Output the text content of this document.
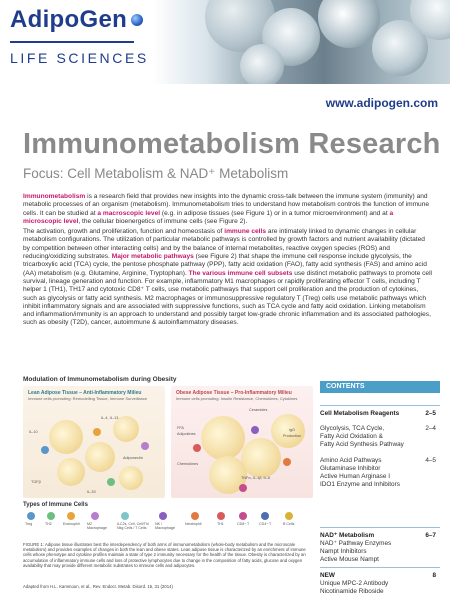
AdipoGen
LIFE SCIENCES
www.adipogen.com
Immunometabolism Research
Focus: Cell Metabolism & NAD⁺ Metabolism

Immunometabolism is a research field that provides new insights into the dynamic cross-talk between the immune system (immunity) and metabolic processes of an organism (metabolism). Immunometabolism tries to understand how metabolism controls the function of immune cells. It can be studied at a macroscopic level (e.g. in adipose tissues (see Figure 1) or in a tumor microenvironment) and at a microscopic level, the cellular bioenergetics of immune cells (see Figure 2).

The activation, growth and proliferation, function and homeostasis of immune cells are intimately linked to dynamic changes in cellular metabolism configurations. The utilization of particular metabolic pathways is controlled by growth factors and nutrient availability (dictated by competition between other interacting cells) and by the balance of internal metabolites, reactive oxygen species (ROS) and reducing/oxidizing substrates. Major metabolic pathways (see Figure 2) that shape the immune cell response include glycolysis, the tricarboxylic acid (TCA) cycle, the pentose phosphate pathway (PPP), fatty acid oxidation (FAO), fatty acid synthesis (FAS) and amino acid (AA) metabolism (e.g. Glutamine, Arginine, Tryptophan). The various immune cell subsets use distinct metabolic pathways to promote cell survival, lineage generation and function. For example, inflammatory M1 macrophages or rapidly proliferating effector T cells, including T helper 1 (TH1), TH17 and cytotoxic CD8⁺ T cells, use metabolic pathways that support cell proliferation and the production of cytokines, such as glycolysis or fatty acid synthesis. M2 macrophages or immunosuppressive regulatory T (Treg) cells use metabolic pathways which inhibit inflammatory signals and are associated with suppressive functions, such as TCA cycle and fatty acid oxidation. Linking metabolism and inflammation/immunity is an approach to understand and possibly target low-grade chronic inflammation and its associated pathologies, such as obesity (T2D), cancer, autoimmune & autoinflammatory diseases.

Modulation of Immunometabolism during Obesity
Lean Adipose Tissue – Anti-Inflammatory Milieu
Immune cells promoting: Remodelling Tissue, Immune Surveillance
IL-4, IL-13
IL-10
Adiponectin
TGFβ
IL-33
Obese Adipose Tissue – Pro-Inflammatory Milieu
Immune cells promoting: Insulin Resistance, Chemokines, Cytokines
Ceramides
FFA
Adipokines
Chemokines
IgG
Production
TNFα, IL-1β, IL-6
Types of Immune Cells
Treg	TH2	Eosinophil	M2 Macrophage
ILC2s, Cell, Cell/Th/ Nkg Cells / T Cells
NK / Macrophage
Neutrophil	TH1	CD8⁺ T	CD4⁺ T	B Cells
FIGURE 1: Adipose tissue illustrates best the interdependency of both arms of immunometabolism (whole-body metabolism and the microscale metabolism) and provides examples of changes in both the lean and obese states. Lean adipose tissue is characterized by an enrichment of immune cells whose phenotype and cytokine profiles maintain a state of type 2 immunity necessary for the health of the tissue. Obesity is characterized by an accumulation of inflammatory immune cells and loss of protective lymphocytes due to change in the composition of fatty acids, glucose and oxygen availability that may provide different metabolic substrates to immune cells and adipocytes.
Adapted from H.L. Kammoun, et al., Rev. Endocr. Metab. Disord. 15, 31 (2014)
CONTENTS
Cell Metabolism Reagents	2–5
Glycolysis, TCA Cycle,	2–4
Fatty Acid Oxidation &
Fatty Acid Synthesis Pathway
Amino Acid Pathways	4–5
Glutaminase Inhibitor
Active Human Arginase I
IDO1 Enzyme and Inhibitors
NAD⁺ Metabolism	6–7
NAD⁺ Pathway Enzymes
Nampt Inhibitors
Active Mouse Nampt
NEW	8
Unique MPC-2 Antibody
Nicotinamide Riboside
